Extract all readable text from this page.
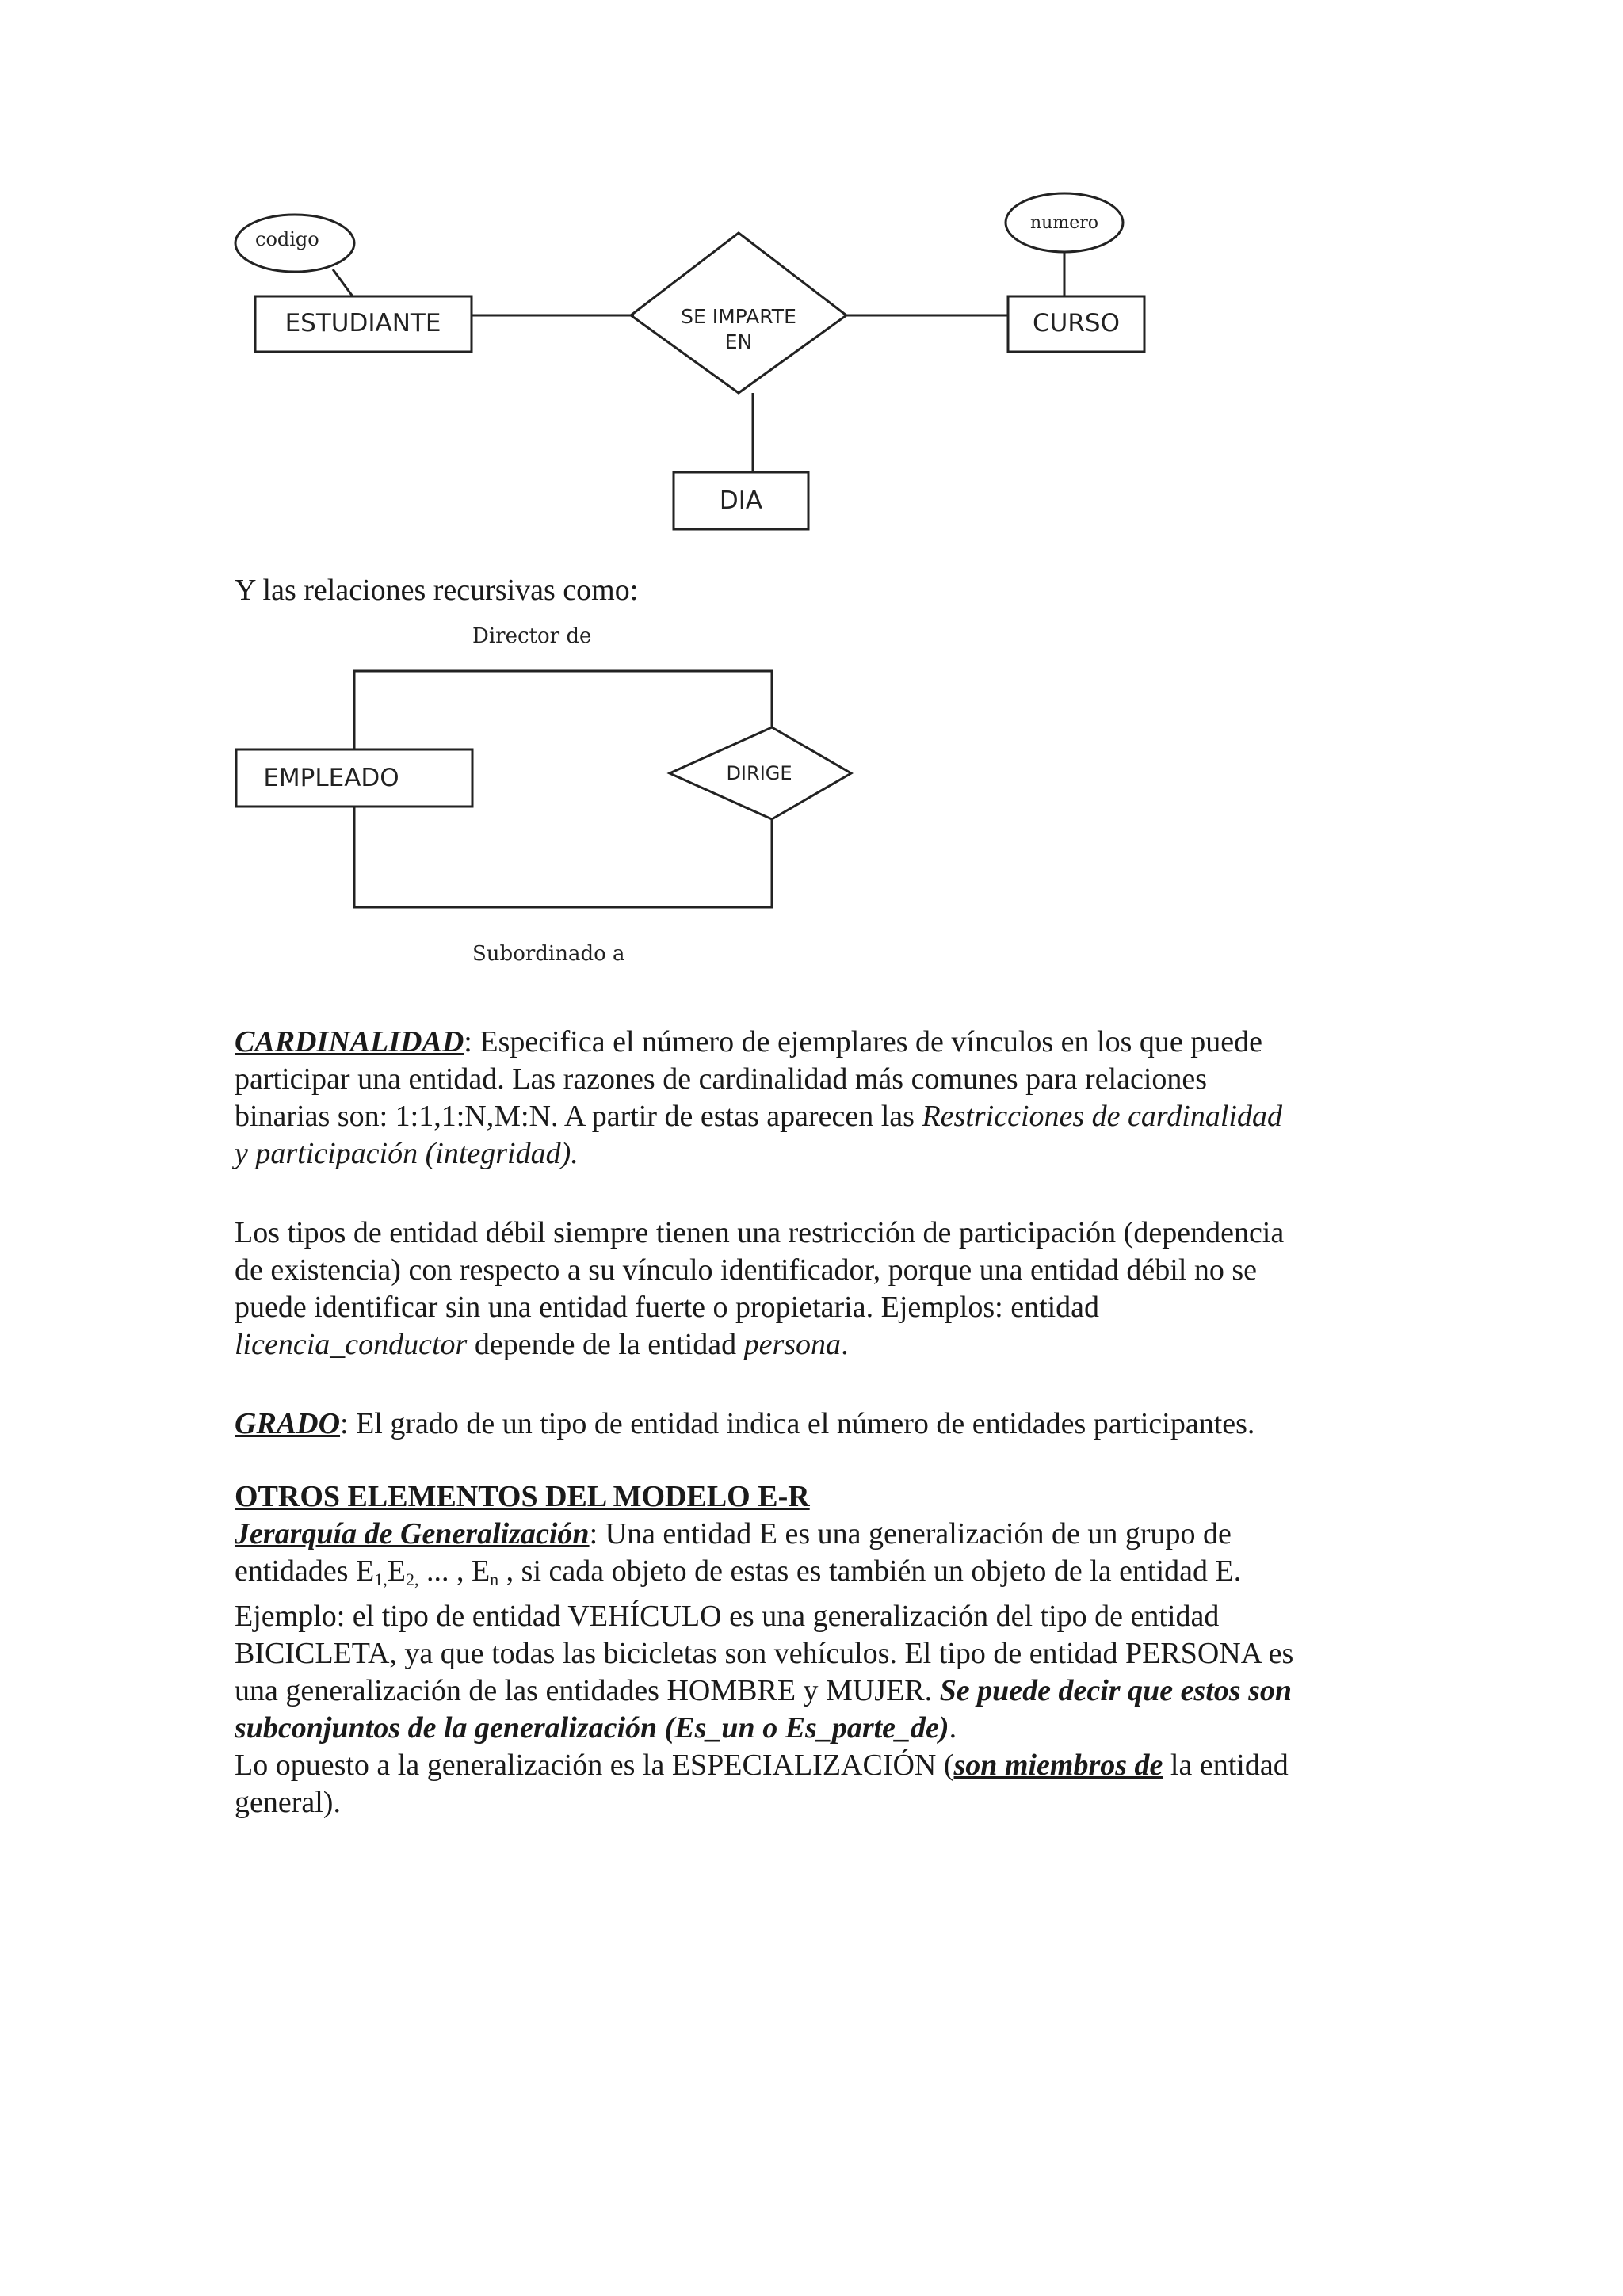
codigo
ESTUDIANTE	SE IMPARTE
EN
numero
CURSO
DIA

Y las relaciones recursivas como:

Director de
EMPLEADO	DIRIGE
Subordinado a
CARDINALIDAD: Especifica el número de ejemplares de vínculos en los que puede
participar una entidad. Las razones de cardinalidad más comunes para relaciones
binarias son: 1:1,1:N,M:N. A partir de estas aparecen las Restricciones de cardinalidad
y participación (integridad).
Los tipos de entidad débil siempre tienen una restricción de participación (dependencia
de existencia) con respecto a su vínculo identificador, porque una entidad débil no se
puede identificar sin una entidad fuerte o propietaria. Ejemplos: entidad
licencia_conductor depende de la entidad persona.
GRADO: El grado de un tipo de entidad indica el número de entidades participantes.
OTROS ELEMENTOS DEL MODELO E-R
Jerarquía de Generalización: Una entidad E es una generalización de un grupo de
entidades $E_{1,}E_{2,}$ ... , $E_n$ , si cada objeto de estas es también un objeto de la entidad E.
Ejemplo: el tipo de entidad VEHÍCULO es una generalización del tipo de entidad
BICICLETA, ya que todas las bicicletas son vehículos. El tipo de entidad PERSONA es
una generalización de las entidades HOMBRE y MUJER. Se puede decir que estos son
subconjuntos de la generalización (Es_un o Es_parte_de).
Lo opuesto a la generalización es la ESPECIALIZACIÓN (son miembros de la entidad
general).
